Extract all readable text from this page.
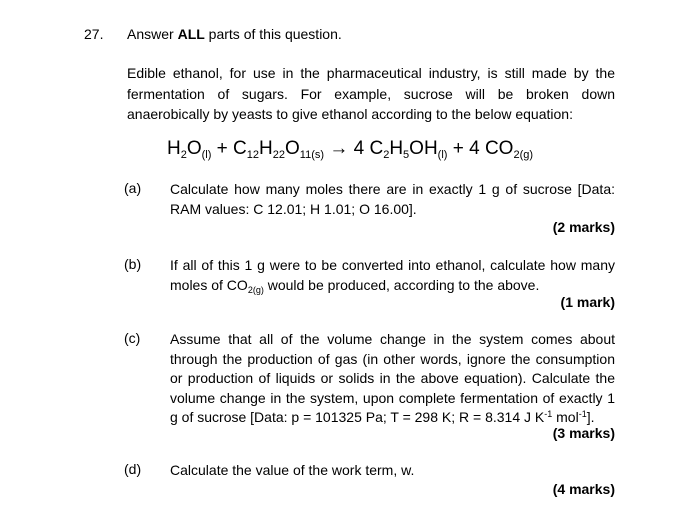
27. Answer ALL parts of this question.
Edible ethanol, for use in the pharmaceutical industry, is still made by the fermentation of sugars. For example, sucrose will be broken down anaerobically by yeasts to give ethanol according to the below equation:
$H_2O_{(l)} + C_{12}H_{22}O_{11(s)} \to 4$ $C_2H_5OH_{(l)} + 4$ $CO_{2(g)}$
(a) Calculate how many moles there are in exactly 1 g of sucrose [Data: RAM values: C 12.01; H 1.01; O 16.00].
(2 marks)
(b) If all of this 1 g were to be converted into ethanol, calculate how many moles of $CO_{2(g)}$ would be produced, according to the above.
(1 mark)
(c) Assume that all of the volume change in the system comes about through the production of gas (in other words, ignore the consumption or production of liquids or solids in the above equation). Calculate the volume change in the system, upon complete fermentation of exactly 1 g of sucrose [Data: p = 101325 Pa; T = 298 K; R = 8.314 J $K^{-1}$ mol$^{-1}$].
(3 marks)
(d) Calculate the value of the work term, w.
(4 marks)
